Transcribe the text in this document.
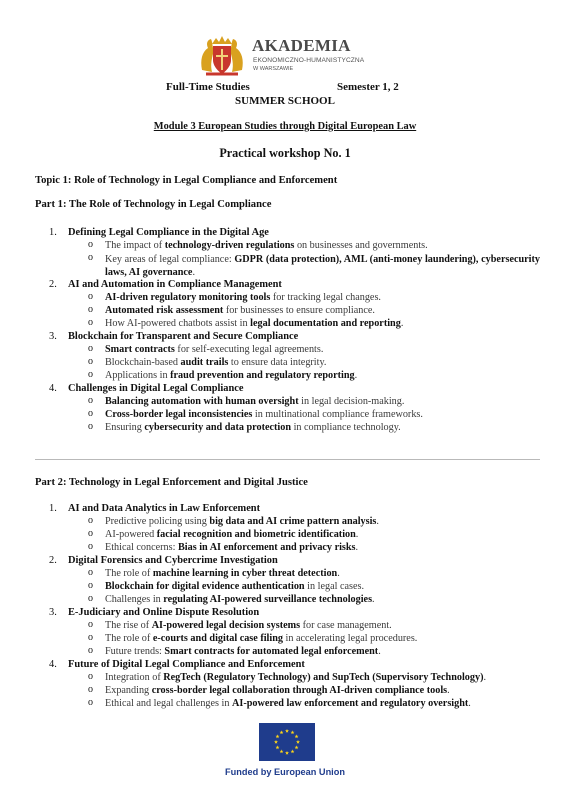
AKADEMIA
EKONOMICZNO-HUMANISTYCZNA
W WARSZAWIE
Full-Time Studies	Semester 1, 2
SUMMER SCHOOL
Module 3 European Studies through Digital European Law
Practical workshop No. 1
Topic 1: Role of Technology in Legal Compliance and Enforcement
Part 1: The Role of Technology in Legal Compliance
1. Defining Legal Compliance in the Digital Age
o The impact of technology-driven regulations on businesses and governments.
o Key areas of legal compliance: GDPR (data protection), AML (anti-money laundering), cybersecurity laws, AI governance.
2. AI and Automation in Compliance Management
o AI-driven regulatory monitoring tools for tracking legal changes.
o Automated risk assessment for businesses to ensure compliance.
o How AI-powered chatbots assist in legal documentation and reporting.
3. Blockchain for Transparent and Secure Compliance
o Smart contracts for self-executing legal agreements.
o Blockchain-based audit trails to ensure data integrity.
o Applications in fraud prevention and regulatory reporting.
4. Challenges in Digital Legal Compliance
o Balancing automation with human oversight in legal decision-making.
o Cross-border legal inconsistencies in multinational compliance frameworks.
o Ensuring cybersecurity and data protection in compliance technology.
Part 2: Technology in Legal Enforcement and Digital Justice
1. AI and Data Analytics in Law Enforcement
o Predictive policing using big data and AI crime pattern analysis.
o AI-powered facial recognition and biometric identification.
o Ethical concerns: Bias in AI enforcement and privacy risks.
2. Digital Forensics and Cybercrime Investigation
o The role of machine learning in cyber threat detection.
o Blockchain for digital evidence authentication in legal cases.
o Challenges in regulating AI-powered surveillance technologies.
3. E-Judiciary and Online Dispute Resolution
o The rise of AI-powered legal decision systems for case management.
o The role of e-courts and digital case filing in accelerating legal procedures.
o Future trends: Smart contracts for automated legal enforcement.
4. Future of Digital Legal Compliance and Enforcement
o Integration of RegTech (Regulatory Technology) and SupTech (Supervisory Technology).
o Expanding cross-border legal collaboration through AI-driven compliance tools.
o Ethical and legal challenges in AI-powered law enforcement and regulatory oversight.
Funded by European Union
